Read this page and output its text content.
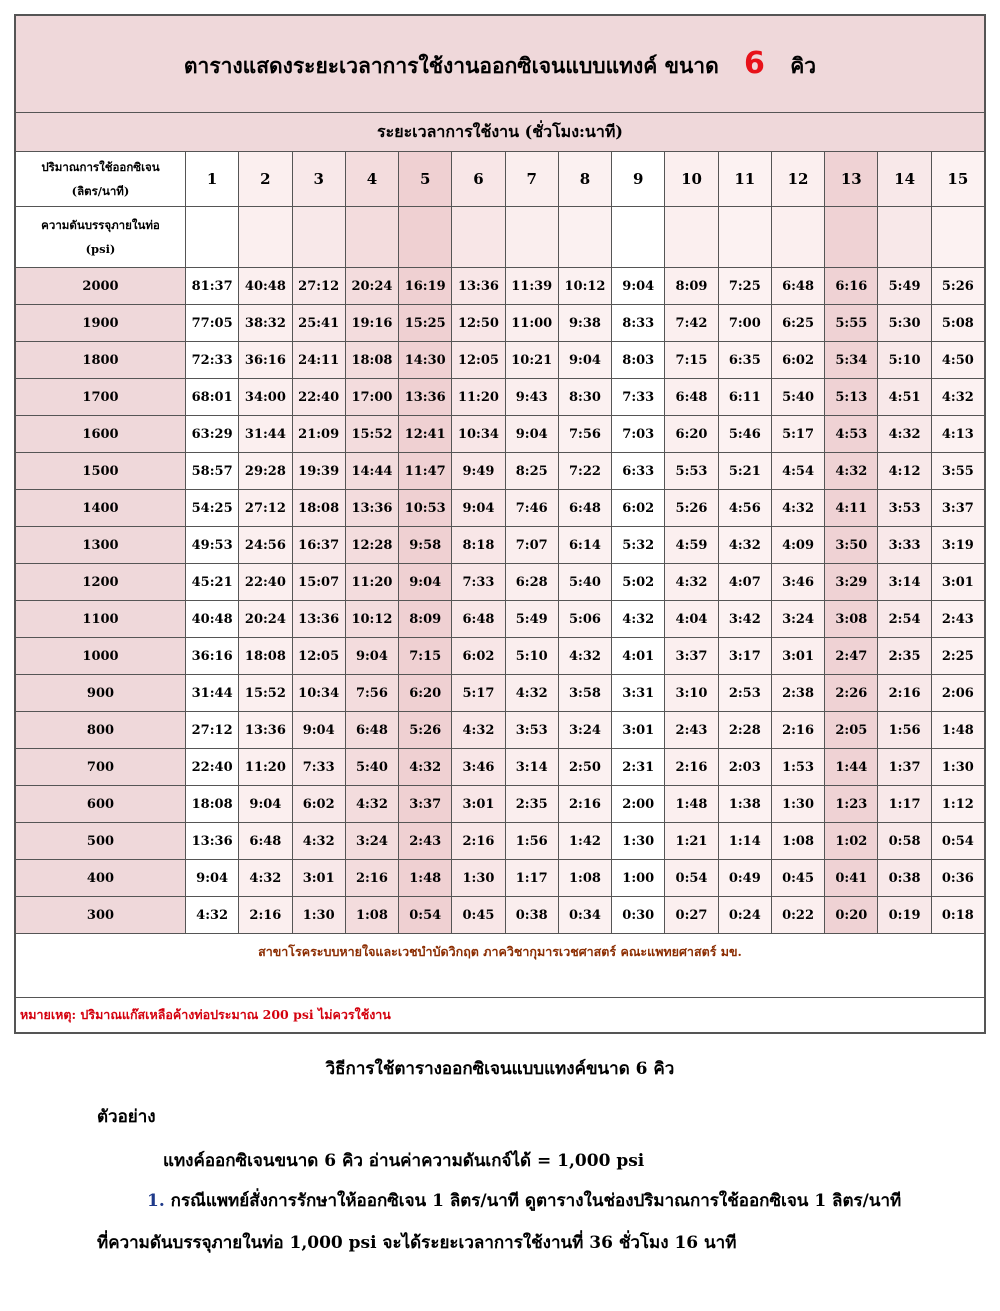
ตารางแสดงระยะเวลาการใช้งานออกซิเจนแบบแทงค์ ขนาด 6 คิว															
ระยะเวลาการใช้งาน (ชั่วโมง:นาที)															

ปริมาณการใช้ออกซิเจน
(ลิตร/นาที)	1	2	3	4	5	6	7	8	9	10	11	12	13	14	15

ความดันบรรจุภายในท่อ
(psi)															

2000	81:37	40:48	27:12	20:24	16:19	13:36	11:39	10:12	9:04	8:09	7:25	6:48	6:16	5:49	5:26
1900	77:05	38:32	25:41	19:16	15:25	12:50	11:00	9:38	8:33	7:42	7:00	6:25	5:55	5:30	5:08
1800	72:33	36:16	24:11	18:08	14:30	12:05	10:21	9:04	8:03	7:15	6:35	6:02	5:34	5:10	4:50
1700	68:01	34:00	22:40	17:00	13:36	11:20	9:43	8:30	7:33	6:48	6:11	5:40	5:13	4:51	4:32
1600	63:29	31:44	21:09	15:52	12:41	10:34	9:04	7:56	7:03	6:20	5:46	5:17	4:53	4:32	4:13
1500	58:57	29:28	19:39	14:44	11:47	9:49	8:25	7:22	6:33	5:53	5:21	4:54	4:32	4:12	3:55
1400	54:25	27:12	18:08	13:36	10:53	9:04	7:46	6:48	6:02	5:26	4:56	4:32	4:11	3:53	3:37
1300	49:53	24:56	16:37	12:28	9:58	8:18	7:07	6:14	5:32	4:59	4:32	4:09	3:50	3:33	3:19
1200	45:21	22:40	15:07	11:20	9:04	7:33	6:28	5:40	5:02	4:32	4:07	3:46	3:29	3:14	3:01
1100	40:48	20:24	13:36	10:12	8:09	6:48	5:49	5:06	4:32	4:04	3:42	3:24	3:08	2:54	2:43
1000	36:16	18:08	12:05	9:04	7:15	6:02	5:10	4:32	4:01	3:37	3:17	3:01	2:47	2:35	2:25
900	31:44	15:52	10:34	7:56	6:20	5:17	4:32	3:58	3:31	3:10	2:53	2:38	2:26	2:16	2:06
800	27:12	13:36	9:04	6:48	5:26	4:32	3:53	3:24	3:01	2:43	2:28	2:16	2:05	1:56	1:48
700	22:40	11:20	7:33	5:40	4:32	3:46	3:14	2:50	2:31	2:16	2:03	1:53	1:44	1:37	1:30
600	18:08	9:04	6:02	4:32	3:37	3:01	2:35	2:16	2:00	1:48	1:38	1:30	1:23	1:17	1:12
500	13:36	6:48	4:32	3:24	2:43	2:16	1:56	1:42	1:30	1:21	1:14	1:08	1:02	0:58	0:54
400	9:04	4:32	3:01	2:16	1:48	1:30	1:17	1:08	1:00	0:54	0:49	0:45	0:41	0:38	0:36
300	4:32	2:16	1:30	1:08	0:54	0:45	0:38	0:34	0:30	0:27	0:24	0:22	0:20	0:19	0:18
สาขาโรคระบบหายใจและเวชบำบัดวิกฤต ภาควิชากุมารเวชศาสตร์ คณะแพทยศาสตร์ มข.															
หมายเหตุ: ปริมาณแก๊สเหลือค้างท่อประมาณ 200 psi ไม่ควรใช้งาน															
วิธีการใช้ตารางออกซิเจนแบบแทงค์ขนาด 6 คิว
ตัวอย่าง
แทงค์ออกซิเจนขนาด 6 คิว อ่านค่าความดันเกจ์ได้ = 1,000 psi
1. กรณีแพทย์สั่งการรักษาให้ออกซิเจน 1 ลิตร/นาที ดูตารางในช่องปริมาณการใช้ออกซิเจน 1 ลิตร/นาที
ที่ความดันบรรจุภายในท่อ 1,000 psi จะได้ระยะเวลาการใช้งานที่ 36 ชั่วโมง 16 นาที
